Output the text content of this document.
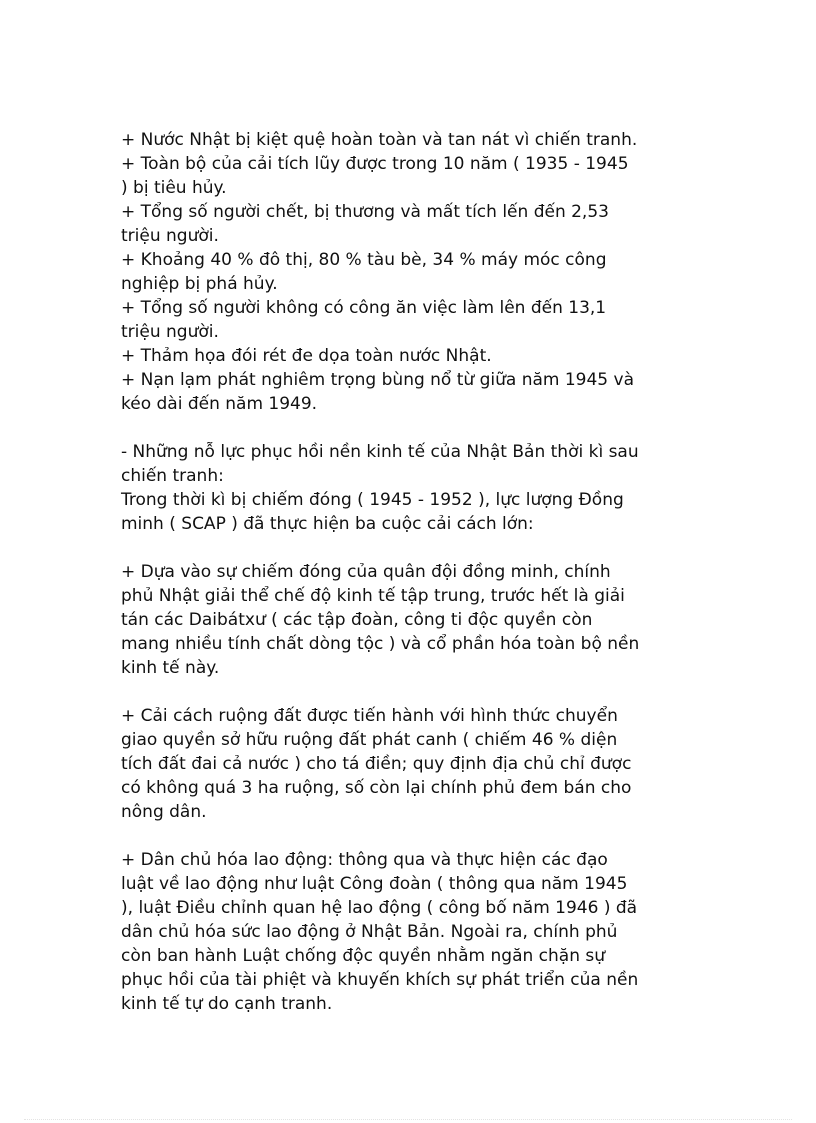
+ Nước Nhật bị kiệt quệ hoàn toàn và tan nát vì chiến tranh.
+ Toàn bộ của cải tích lũy được trong 10 năm ( 1935 - 1945
) bị tiêu hủy.
+ Tổng số người chết, bị thương và mất tích lến đến 2,53
triệu người.
+ Khoảng 40 % đô thị, 80 % tàu bè, 34 % máy móc công
nghiệp bị phá hủy.
+ Tổng số người không có công ăn việc làm lên đến 13,1
triệu người.
+ Thảm họa đói rét đe dọa toàn nước Nhật.
+ Nạn lạm phát nghiêm trọng bùng nổ từ giữa năm 1945 và
kéo dài đến năm 1949.
- Những nỗ lực phục hồi nền kinh tế của Nhật Bản thời kì sau
chiến tranh:
Trong thời kì bị chiếm đóng ( 1945 - 1952 ), lực lượng Đồng
minh ( SCAP ) đã thực hiện ba cuộc cải cách lớn:
+ Dựa vào sự chiếm đóng của quân đội đồng minh, chính
phủ Nhật giải thể chế độ kinh tế tập trung, trước hết là giải
tán các Daibátxư ( các tập đoàn, công ti độc quyền còn
mang nhiều tính chất dòng tộc ) và cổ phần hóa toàn bộ nền
kinh tế này.
+ Cải cách ruộng đất được tiến hành với hình thức chuyển
giao quyền sở hữu ruộng đất phát canh ( chiếm 46 % diện
tích đất đai cả nước ) cho tá điền; quy định địa chủ chỉ được
có không quá 3 ha ruộng, số còn lại chính phủ đem bán cho
nông dân.
+ Dân chủ hóa lao động: thông qua và thực hiện các đạo
luật về lao động như luật Công đoàn ( thông qua năm 1945
), luật Điều chỉnh quan hệ lao động ( công bố năm 1946 ) đã
dân chủ hóa sức lao động ở Nhật Bản. Ngoài ra, chính phủ
còn ban hành Luật chống độc quyền nhằm ngăn chặn sự
phục hồi của tài phiệt và khuyến khích sự phát triển của nền
kinh tế tự do cạnh tranh.
